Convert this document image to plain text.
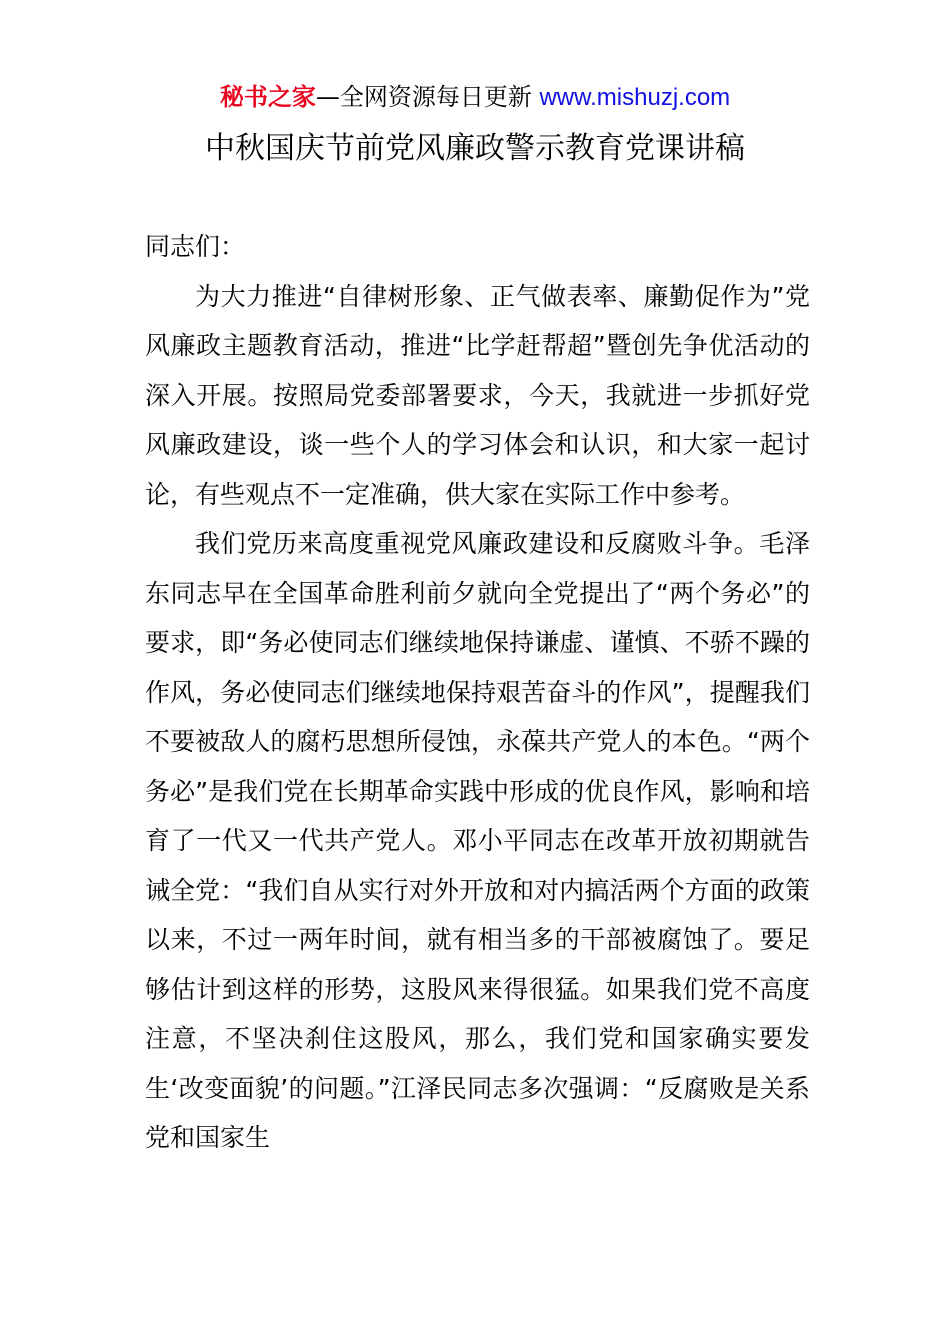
秘书之家—全网资源每日更新 www.mishuzj.com
中秋国庆节前党风廉政警示教育党课讲稿

同志们：

为大力推进“自律树形象、正气做表率、廉勤促作为”党风廉政主题教育活动，推进“比学赶帮超”暨创先争优活动的深入开展。按照局党委部署要求，今天，我就进一步抓好党风廉政建设，谈一些个人的学习体会和认识，和大家一起讨论，有些观点不一定准确，供大家在实际工作中参考。

我们党历来高度重视党风廉政建设和反腐败斗争。毛泽东同志早在全国革命胜利前夕就向全党提出了“两个务必”的要求，即“务必使同志们继续地保持谦虚、谨慎、不骄不躁的作风，务必使同志们继续地保持艰苦奋斗的作风”，提醒我们不要被敌人的腐朽思想所侵蚀，永葆共产党人的本色。“两个务必”是我们党在长期革命实践中形成的优良作风，影响和培育了一代又一代共产党人。邓小平同志在改革开放初期就告诫全党：“我们自从实行对外开放和对内搞活两个方面的政策以来，不过一两年时间，就有相当多的干部被腐蚀了。要足够估计到这样的形势，这股风来得很猛。如果我们党不高度注意，不坚决刹住这股风，那么，我们党和国家确实要发生‘改变面貌’的问题。”江泽民同志多次强调：“反腐败是关系党和国家生
